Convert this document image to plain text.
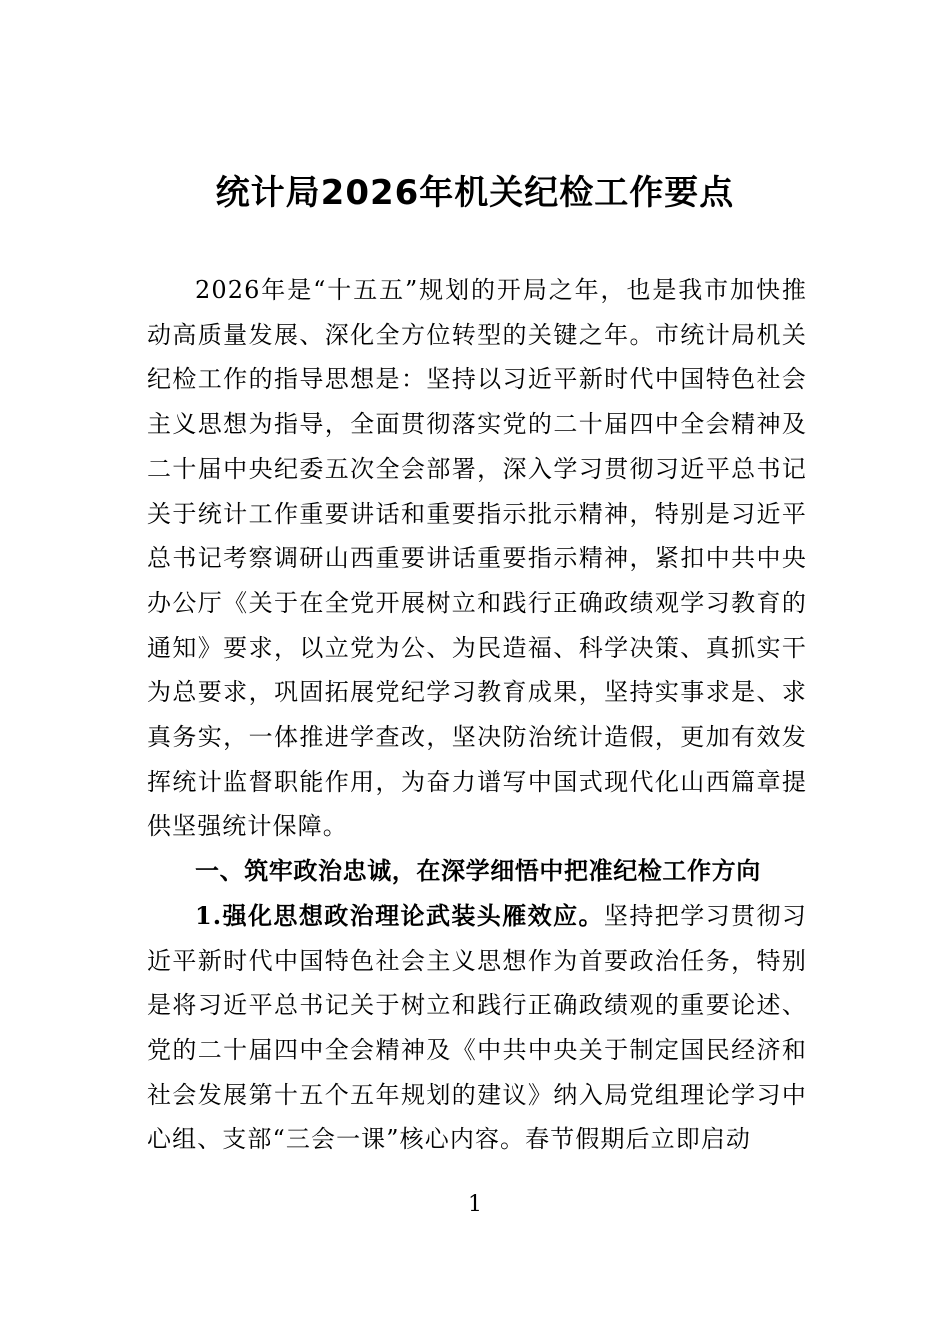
统计局2026年机关纪检工作要点

2026年是“十五五”规划的开局之年，也是我市加快推动高质量发展、深化全方位转型的关键之年。市统计局机关纪检工作的指导思想是：坚持以习近平新时代中国特色社会主义思想为指导，全面贯彻落实党的二十届四中全会精神及二十届中央纪委五次全会部署，深入学习贯彻习近平总书记关于统计工作重要讲话和重要指示批示精神，特别是习近平总书记考察调研山西重要讲话重要指示精神，紧扣中共中央办公厅《关于在全党开展树立和践行正确政绩观学习教育的通知》要求，以立党为公、为民造福、科学决策、真抓实干为总要求，巩固拓展党纪学习教育成果，坚持实事求是、求真务实，一体推进学查改，坚决防治统计造假，更加有效发挥统计监督职能作用，为奋力谱写中国式现代化山西篇章提供坚强统计保障。

一、筑牢政治忠诚，在深学细悟中把准纪检工作方向

1.强化思想政治理论武装头雁效应。坚持把学习贯彻习近平新时代中国特色社会主义思想作为首要政治任务，特别是将习近平总书记关于树立和践行正确政绩观的重要论述、党的二十届四中全会精神及《中共中央关于制定国民经济和社会发展第十五个五年规划的建议》纳入局党组理论学习中心组、支部“三会一课”核心内容。春节假期后立即启动

1
